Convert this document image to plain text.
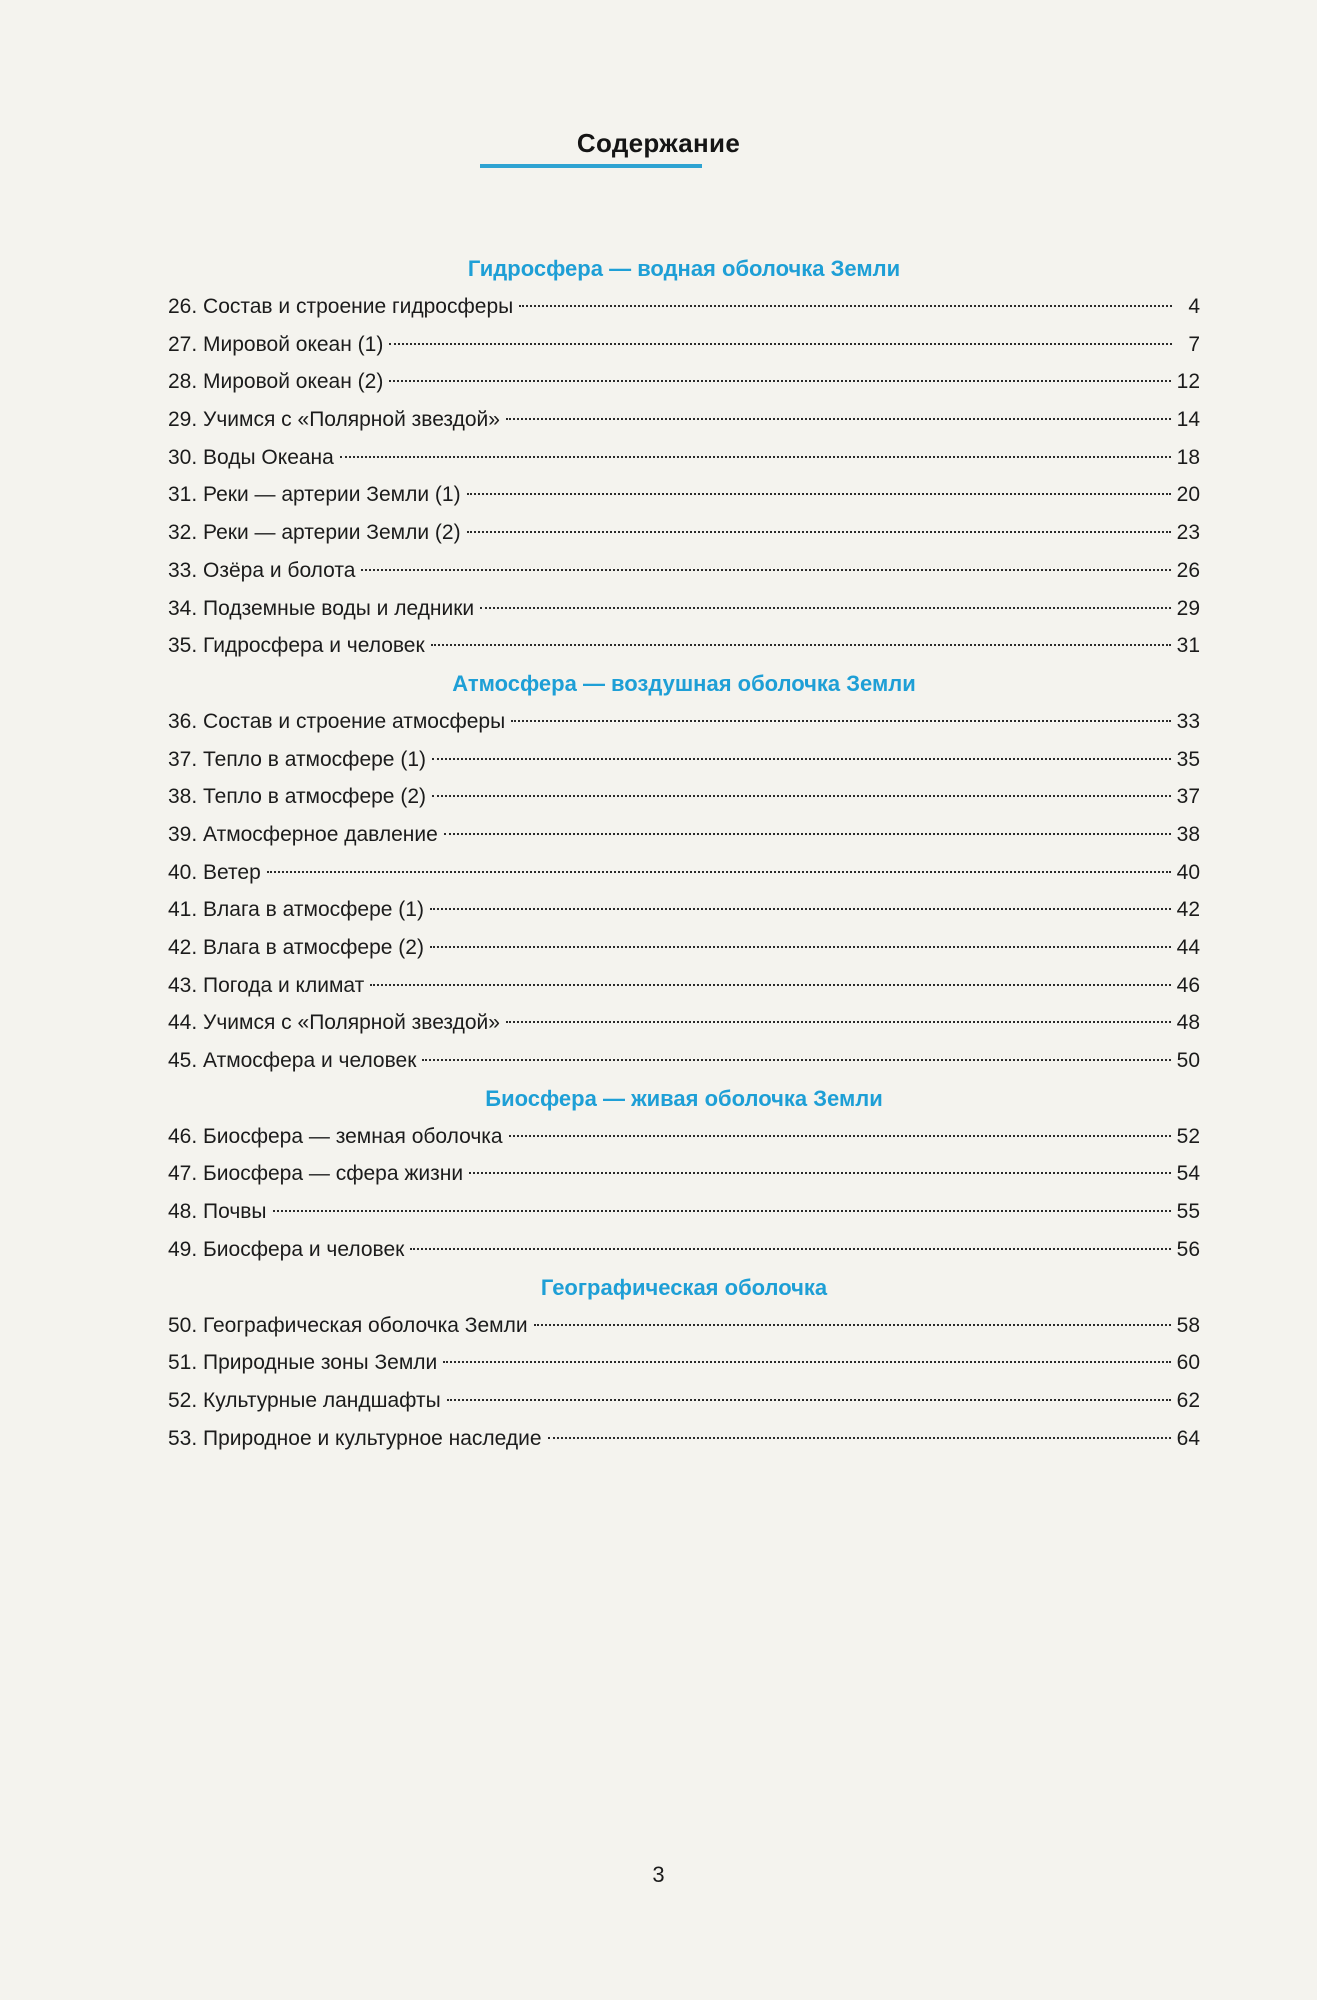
Содержание
Гидросфера — водная оболочка Земли
26. Состав и строение гидросферы	4
27. Мировой океан (1)	7
28. Мировой океан (2)	12
29. Учимся с «Полярной звездой»	14
30. Воды Океана	18
31. Реки — артерии Земли (1)	20
32. Реки — артерии Земли (2)	23
33. Озёра и болота	26
34. Подземные воды и ледники	29
35. Гидросфера и человек	31
Атмосфера — воздушная оболочка Земли
36. Состав и строение атмосферы	33
37. Тепло в атмосфере (1)	35
38. Тепло в атмосфере (2)	37
39. Атмосферное давление	38
40. Ветер	40
41. Влага в атмосфере (1)	42
42. Влага в атмосфере (2)	44
43. Погода и климат	46
44. Учимся с «Полярной звездой»	48
45. Атмосфера и человек	50
Биосфера — живая оболочка Земли
46. Биосфера — земная оболочка	52
47. Биосфера — сфера жизни	54
48. Почвы	55
49. Биосфера и человек	56
Географическая оболочка
50. Географическая оболочка Земли	58
51. Природные зоны Земли	60
52. Культурные ландшафты	62
53. Природное и культурное наследие	64
3
